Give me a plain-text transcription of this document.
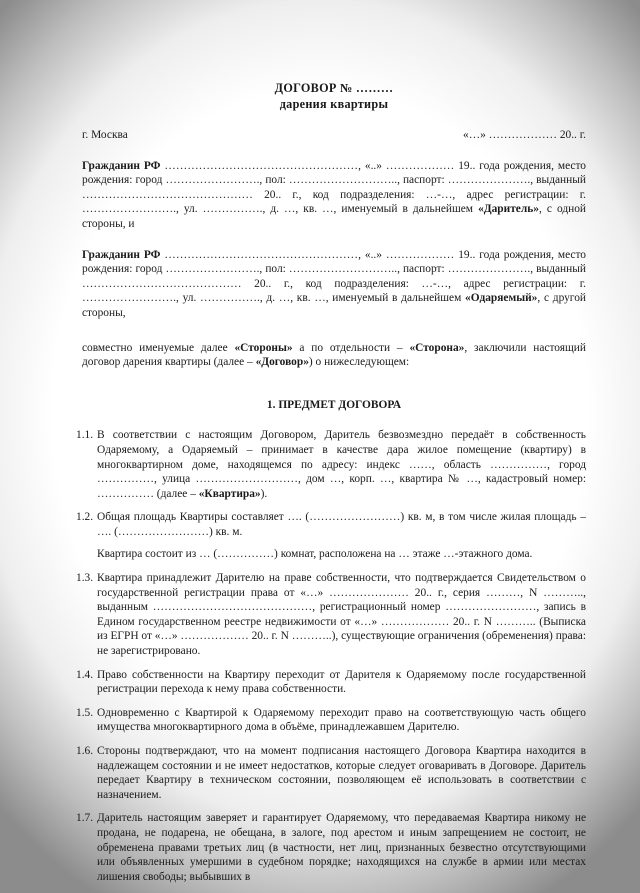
ДОГОВОР № ………
дарения квартиры
г. Москва	«…» ……………… 20.. г.
Гражданин РФ ……………………………………………, «..» ……………… 19.. года рождения, место рождения: город ……………………., пол: ……………………….., паспорт: …………………., выданный ……………………………………… 20.. г., код подразделения: …-…, адрес регистрации: г. ……………………., ул. ……………., д. …, кв. …, именуемый в дальнейшем «Даритель», с одной стороны, и
Гражданин РФ ……………………………………………, «..» ……………… 19.. года рождения, место рождения: город ……………………., пол: ……………………….., паспорт: …………………., выданный …………………………………… 20.. г., код подразделения: …-…, адрес регистрации: г. ……………………., ул. ……………., д. …, кв. …, именуемый в дальнейшем «Одаряемый», с другой стороны,
совместно именуемые далее «Стороны» а по отдельности – «Сторона», заключили настоящий договор дарения квартиры (далее – «Договор») о нижеследующем:
1. ПРЕДМЕТ ДОГОВОРА
1.1. В соответствии с настоящим Договором, Даритель безвозмездно передаёт в собственность Одаряемому, а Одаряемый – принимает в качестве дара жилое помещение (квартиру) в многоквартирном доме, находящемся по адресу: индекс ……, область ……………, город ……………, улица ………………………, дом …, корп. …, квартира № …, кадастровый номер: …………… (далее – «Квартира»).
1.2. Общая площадь Квартиры составляет …. (……………………) кв. м, в том числе жилая площадь – …. (……………………) кв. м.
Квартира состоит из … (……………) комнат, расположена на … этаже …-этажного дома.
1.3. Квартира принадлежит Дарителю на праве собственности, что подтверждается Свидетельством о государственной регистрации права от «…» ………………… 20.. г., серия ………, N ……….., выданным ……………………………………, регистрационный номер ……………………, запись в Едином государственном реестре недвижимости от «…» ……………… 20.. г. N ……….. (Выписка из ЕГРН от «…» ……………… 20.. г. N ………..), существующие ограничения (обременения) права: не зарегистрировано.
1.4. Право собственности на Квартиру переходит от Дарителя к Одаряемому после государственной регистрации перехода к нему права собственности.
1.5. Одновременно с Квартирой к Одаряемому переходит право на соответствующую часть общего имущества многоквартирного дома в объёме, принадлежавшем Дарителю.
1.6. Стороны подтверждают, что на момент подписания настоящего Договора Квартира находится в надлежащем состоянии и не имеет недостатков, которые следует оговаривать в Договоре. Даритель передает Квартиру в техническом состоянии, позволяющем её использовать в соответствии с назначением.
1.7. Даритель настоящим заверяет и гарантирует Одаряемому, что передаваемая Квартира никому не продана, не подарена, не обещана, в залоге, под арестом и иным запрещением не состоит, не обременена правами третьих лиц (в частности, нет лиц, признанных безвестно отсутствующими или объявленных умершими в судебном порядке; находящихся на службе в армии или местах лишения свободы; выбывших в
